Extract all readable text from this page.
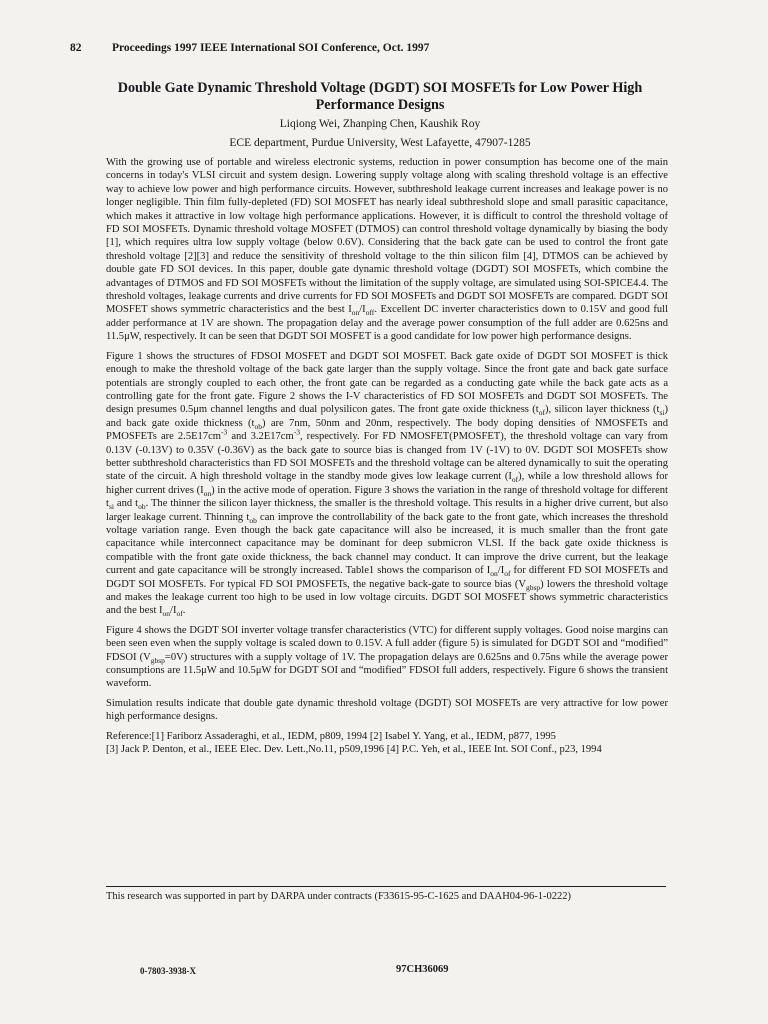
82	Proceedings 1997 IEEE International SOI Conference, Oct. 1997
Double Gate Dynamic Threshold Voltage (DGDT) SOI MOSFETs for Low Power High Performance Designs
Liqiong Wei, Zhanping Chen, Kaushik Roy
ECE department, Purdue University, West Lafayette, 47907-1285

With the growing use of portable and wireless electronic systems, reduction in power consumption has become one of the main concerns in today's VLSI circuit and system design. Lowering supply voltage along with scaling threshold voltage is an effective way to achieve low power and high performance circuits. However, subthreshold leakage current increases and leakage power is no longer negligible. Thin film fully-depleted (FD) SOI MOSFET has nearly ideal subthreshold slope and small parasitic capacitance, which makes it attractive in low voltage high performance applications. However, it is difficult to control the threshold voltage of FD SOI MOSFETs. Dynamic threshold voltage MOSFET (DTMOS) can control threshold voltage dynamically by biasing the body [1], which requires ultra low supply voltage (below 0.6V). Considering that the back gate can be used to control the front gate threshold voltage [2][3] and reduce the sensitivity of threshold voltage to the thin silicon film [4], DTMOS can be achieved by double gate FD SOI devices. In this paper, double gate dynamic threshold voltage (DGDT) SOI MOSFETs, which combine the advantages of DTMOS and FD SOI MOSFETs without the limitation of the supply voltage, are simulated using SOI-SPICE4.4. The threshold voltages, leakage currents and drive currents for FD SOI MOSFETs and DGDT SOI MOSFETs are compared. DGDT SOI MOSFET shows symmetric characteristics and the best $I_{on}/I_{off}$. Excellent DC inverter characteristics down to 0.15V and good full adder performance at 1V are shown. The propagation delay and the average power consumption of the full adder are 0.625ns and 11.5μW, respectively. It can be seen that DGDT SOI MOSFET is a good candidate for low power high performance designs.

Figure 1 shows the structures of FDSOI MOSFET and DGDT SOI MOSFET. Back gate oxide of DGDT SOI MOSFET is thick enough to make the threshold voltage of the back gate larger than the supply voltage. Since the front gate and back gate surface potentials are strongly coupled to each other, the front gate can be regarded as a conducting gate while the back gate acts as a controlling gate for the front gate. Figure 2 shows the I-V characteristics of FD SOI MOSFETs and DGDT SOI MOSFETs. The design presumes 0.5μm channel lengths and dual polysilicon gates. The front gate oxide thickness $(t_{of})$, silicon layer thickness $(t_{si})$ and back gate oxide thickness $(t_{ob})$ are 7nm, 50nm and 20nm, respectively. The body doping densities of NMOSFETs and PMOSFETs are $2.5E17cm^{-3}$ and $3.2E17cm^{-3}$, respectively. For FD NMOSFET(PMOSFET), the threshold voltage can vary from 0.13V (-0.13V) to 0.35V (-0.36V) as the back gate to source bias is changed from 1V (-1V) to 0V. DGDT SOI MOSFETs show better subthreshold characteristics than FD SOI MOSFETs and the threshold voltage can be altered dynamically to suit the operating state of the circuit. A high threshold voltage in the standby mode gives low leakage current $(I_{of})$, while a low threshold allows for higher current drives $(I_{on})$ in the active mode of operation. Figure 3 shows the variation in the range of threshold voltage for different $t_{si}$ and $t_{ob}$. The thinner the silicon layer thickness, the smaller is the threshold voltage. This results in a higher drive current, but also larger leakage current. Thinning $t_{ob}$ can improve the controllability of the back gate to the front gate, which increases the threshold voltage variation range. Even though the back gate capacitance will also be increased, it is much smaller than the front gate capacitance while interconnect capacitance may be dominant for deep submicron VLSI. If the back gate oxide thickness is compatible with the front gate oxide thickness, the back channel may conduct. It can improve the drive current, but the leakage current and gate capacitance will be strongly increased. Table1 shows the comparison of $I_{on}/I_{of}$ for different FD SOI MOSFETs and DGDT SOI MOSFETs. For typical FD SOI PMOSFETs, the negative back-gate to source bias $(V_{gbsp})$ lowers the threshold voltage and makes the leakage current too high to be used in low voltage circuits. DGDT SOI MOSFET shows symmetric characteristics and the best $I_{on}/I_{of}$.

Figure 4 shows the DGDT SOI inverter voltage transfer characteristics (VTC) for different supply voltages. Good noise margins can been seen even when the supply voltage is scaled down to 0.15V. A full adder (figure 5) is simulated for DGDT SOI and “modified” FDSOI $(V_{gbsp}=0V)$ structures with a supply voltage of 1V. The propagation delays are 0.625ns and 0.75ns while the average power consumptions are 11.5μW and 10.5μW for DGDT SOI and “modified” FDSOI full adders, respectively. Figure 6 shows the transient waveform.

Simulation results indicate that double gate dynamic threshold voltage (DGDT) SOI MOSFETs are very attractive for low power high performance designs.

Reference:[1] Fariborz Assaderaghi, et al., IEDM, p809, 1994 [2] Isabel Y. Yang, et al., IEDM, p877, 1995
[3] Jack P. Denton, et al., IEEE Elec. Dev. Lett.,No.11, p509,1996 [4] P.C. Yeh, et al., IEEE Int. SOI Conf., p23, 1994
This research was supported in part by DARPA under contracts (F33615-95-C-1625 and DAAH04-96-1-0222)
0-7803-3938-X	97CH36069
